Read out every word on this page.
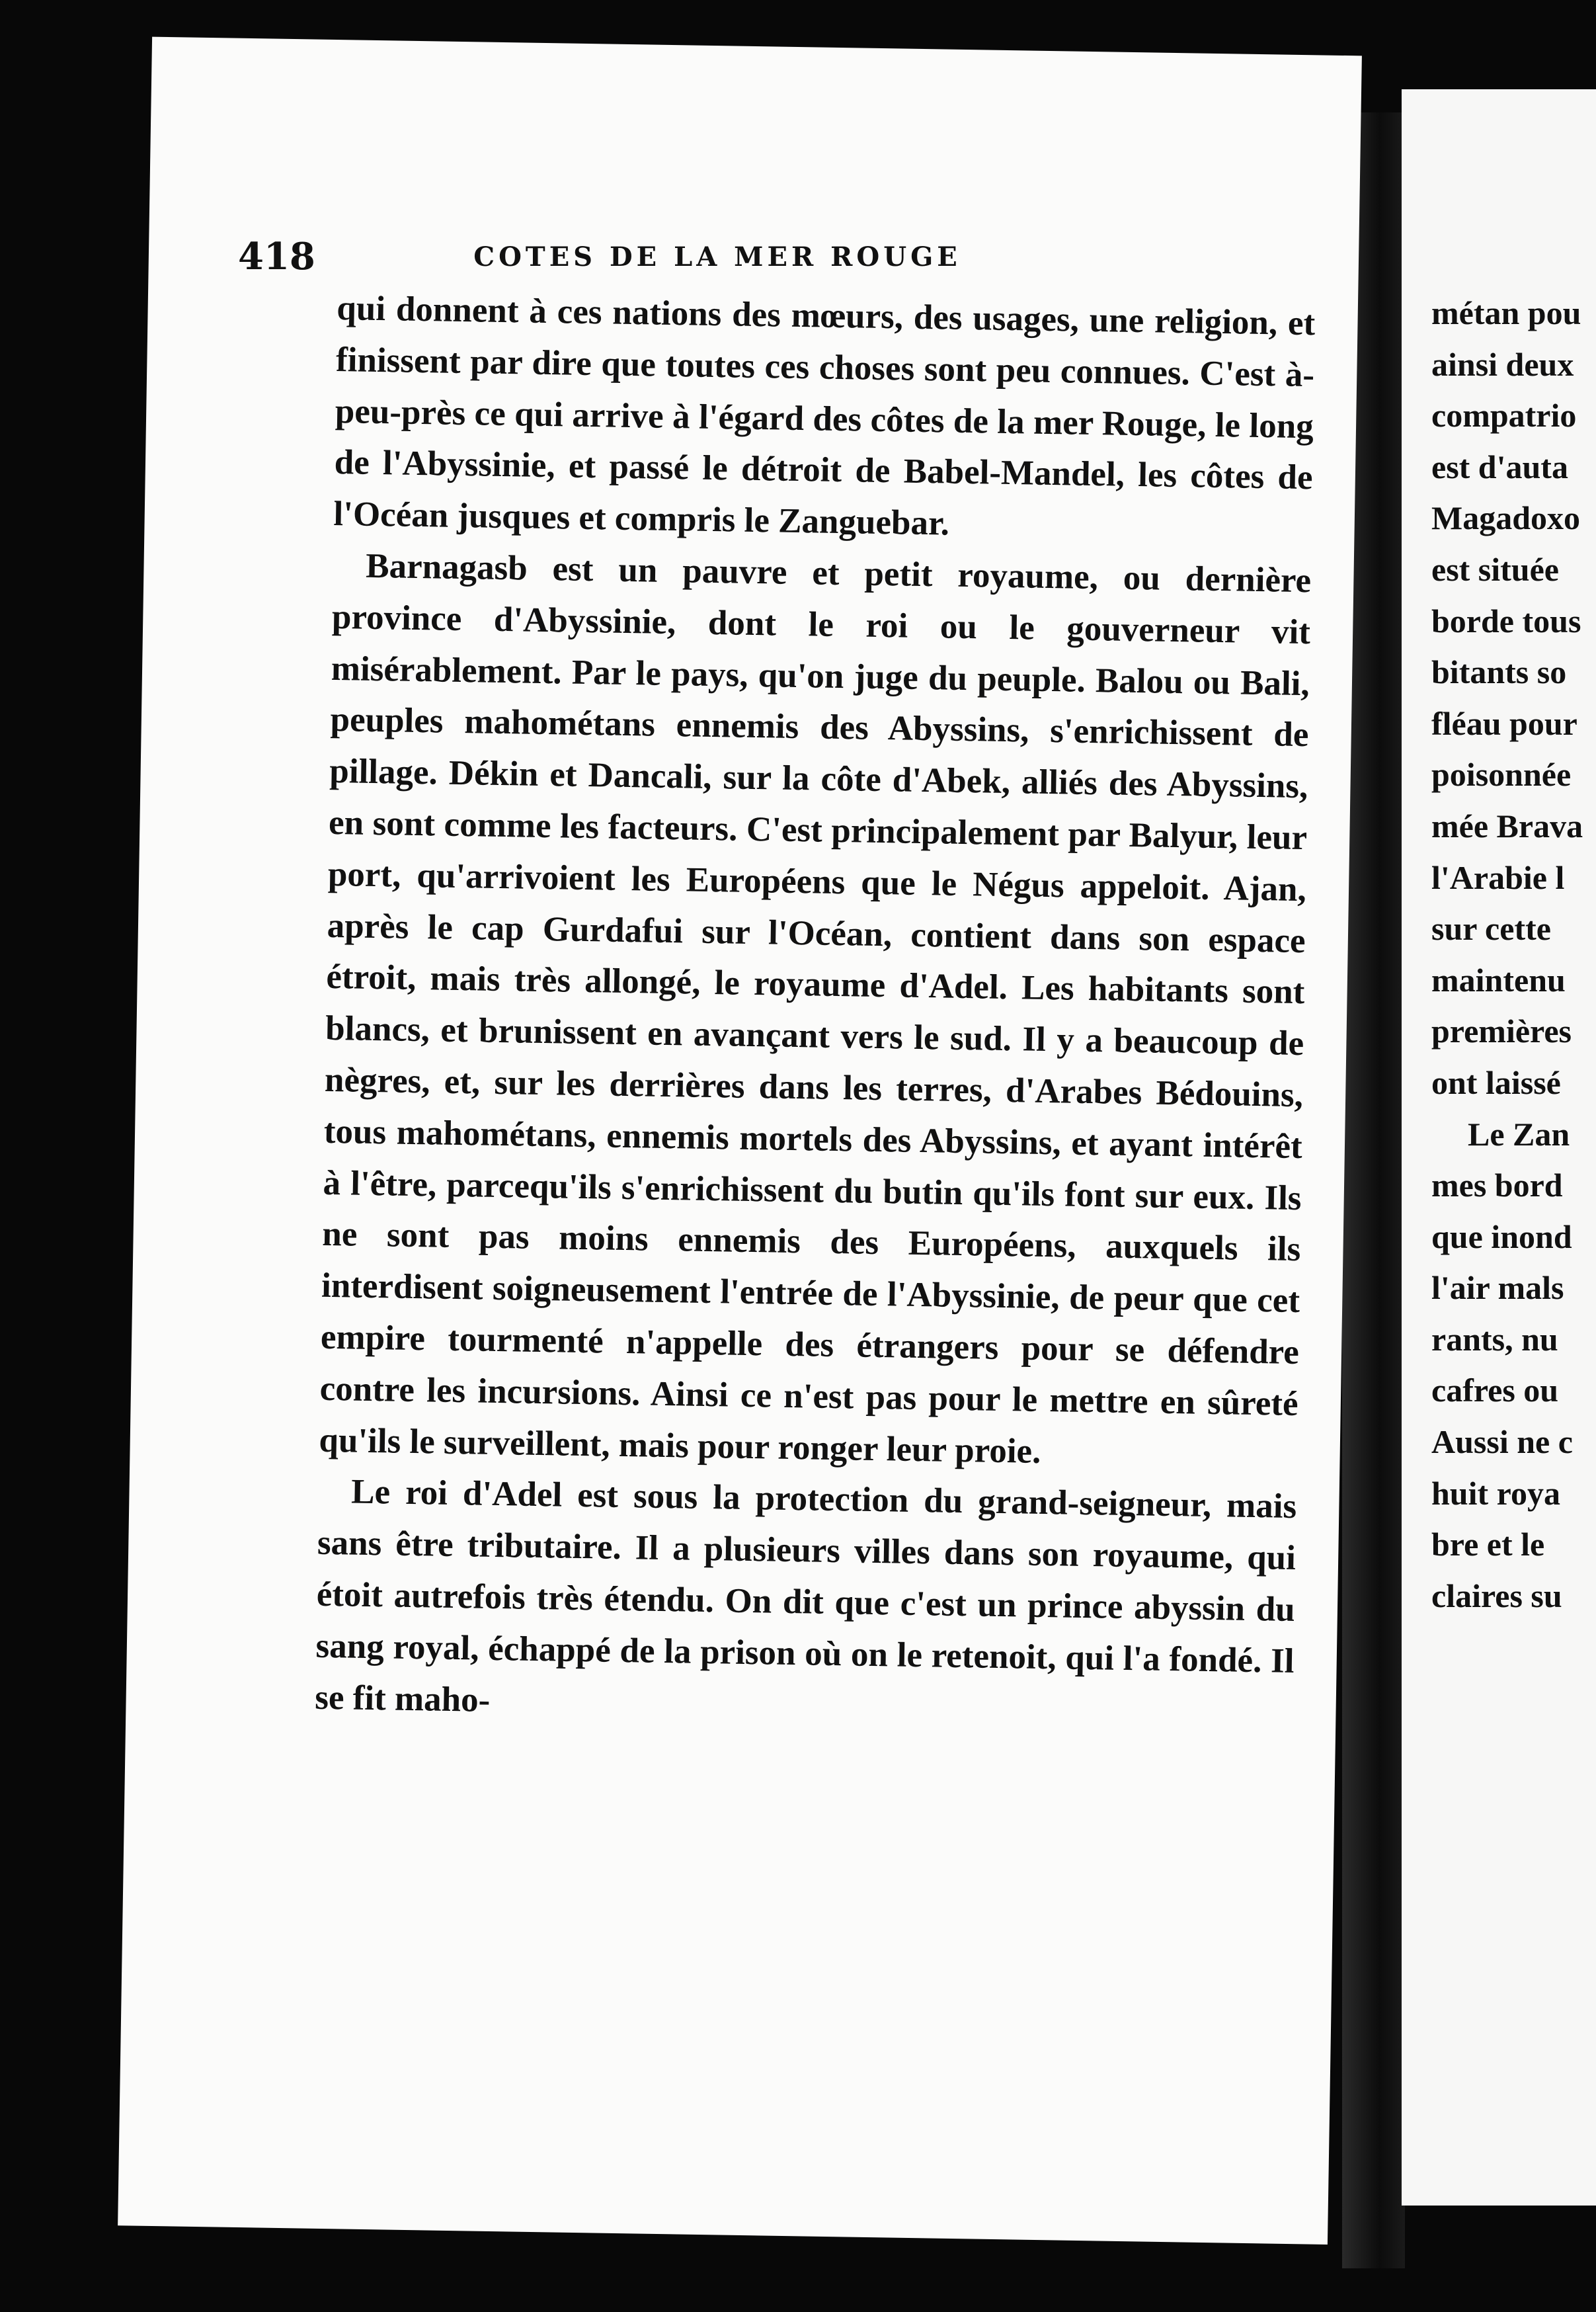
métan pou
ainsi deux
compatrio
est d'auta
Magadoxo
est située
borde tous
bitants so
fléau pour
poisonnée
mée Brava
l'Arabie l
sur cette
maintenu
premières
ont laissé
Le Zan
mes bord
que inond
l'air mals
rants, nu
cafres ou
Aussi ne c
huit roya
bre et le
claires su
418	COTES DE LA MER ROUGE

qui donnent à ces nations des mœurs, des usages, une religion, et finissent par dire que toutes ces choses sont peu connues. C'est à-peu-près ce qui arrive à l'égard des côtes de la mer Rouge, le long de l'Abyssinie, et passé le détroit de Babel-Mandel, les côtes de l'Océan jusques et compris le Zanguebar.

Barnagasb est un pauvre et petit royaume, ou dernière province d'Abyssinie, dont le roi ou le gouverneur vit misérablement. Par le pays, qu'on juge du peuple. Balou ou Bali, peuples mahométans ennemis des Abyssins, s'enrichissent de pillage. Dékin et Dancali, sur la côte d'Abek, alliés des Abyssins, en sont comme les facteurs. C'est principalement par Balyur, leur port, qu'arrivoient les Européens que le Négus appeloit. Ajan, après le cap Gurdafui sur l'Océan, contient dans son espace étroit, mais très allongé, le royaume d'Adel. Les habitants sont blancs, et brunissent en avançant vers le sud. Il y a beaucoup de nègres, et, sur les derrières dans les terres, d'Arabes Bédouins, tous mahométans, ennemis mortels des Abyssins, et ayant intérêt à l'être, parcequ'ils s'enrichissent du butin qu'ils font sur eux. Ils ne sont pas moins ennemis des Européens, auxquels ils interdisent soigneusement l'entrée de l'Abyssinie, de peur que cet empire tourmenté n'appelle des étrangers pour se défendre contre les incursions. Ainsi ce n'est pas pour le mettre en sûreté qu'ils le surveillent, mais pour ronger leur proie.

Le roi d'Adel est sous la protection du grand-seigneur, mais sans être tributaire. Il a plusieurs villes dans son royaume, qui étoit autrefois très étendu. On dit que c'est un prince abyssin du sang royal, échappé de la prison où on le retenoit, qui l'a fondé. Il se fit maho-
